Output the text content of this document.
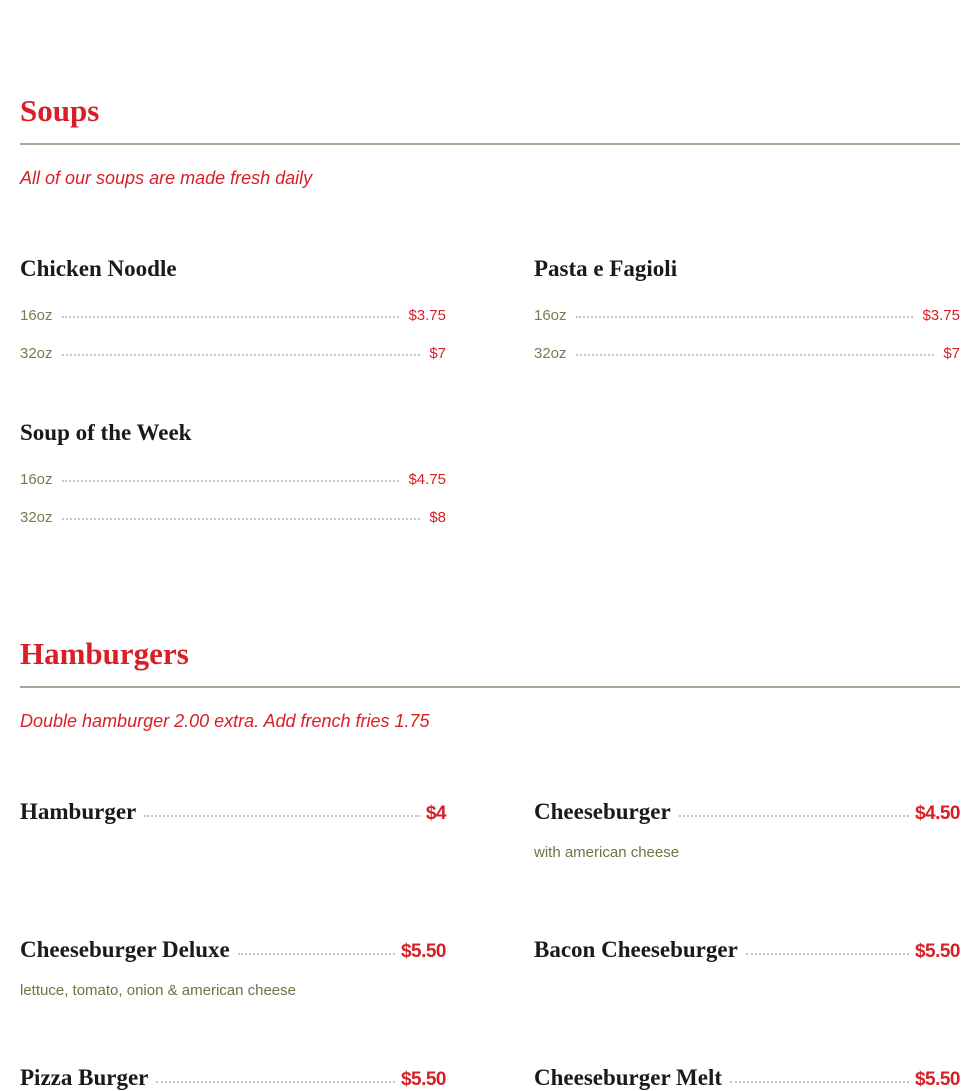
Soups
All of our soups are made fresh daily
Chicken Noodle
16oz	$3.75
32oz	$7
Pasta e Fagioli
16oz	$3.75
32oz	$7
Soup of the Week
16oz	$4.75
32oz	$8
Hamburgers
Double hamburger 2.00 extra. Add french fries 1.75
Hamburger	$4	Cheeseburger	$4.50
with american cheese
Cheeseburger Deluxe	$5.50
lettuce, tomato, onion & american cheese
Bacon Cheeseburger	$5.50
Pizza Burger	$5.50	Cheeseburger Melt	$5.50
